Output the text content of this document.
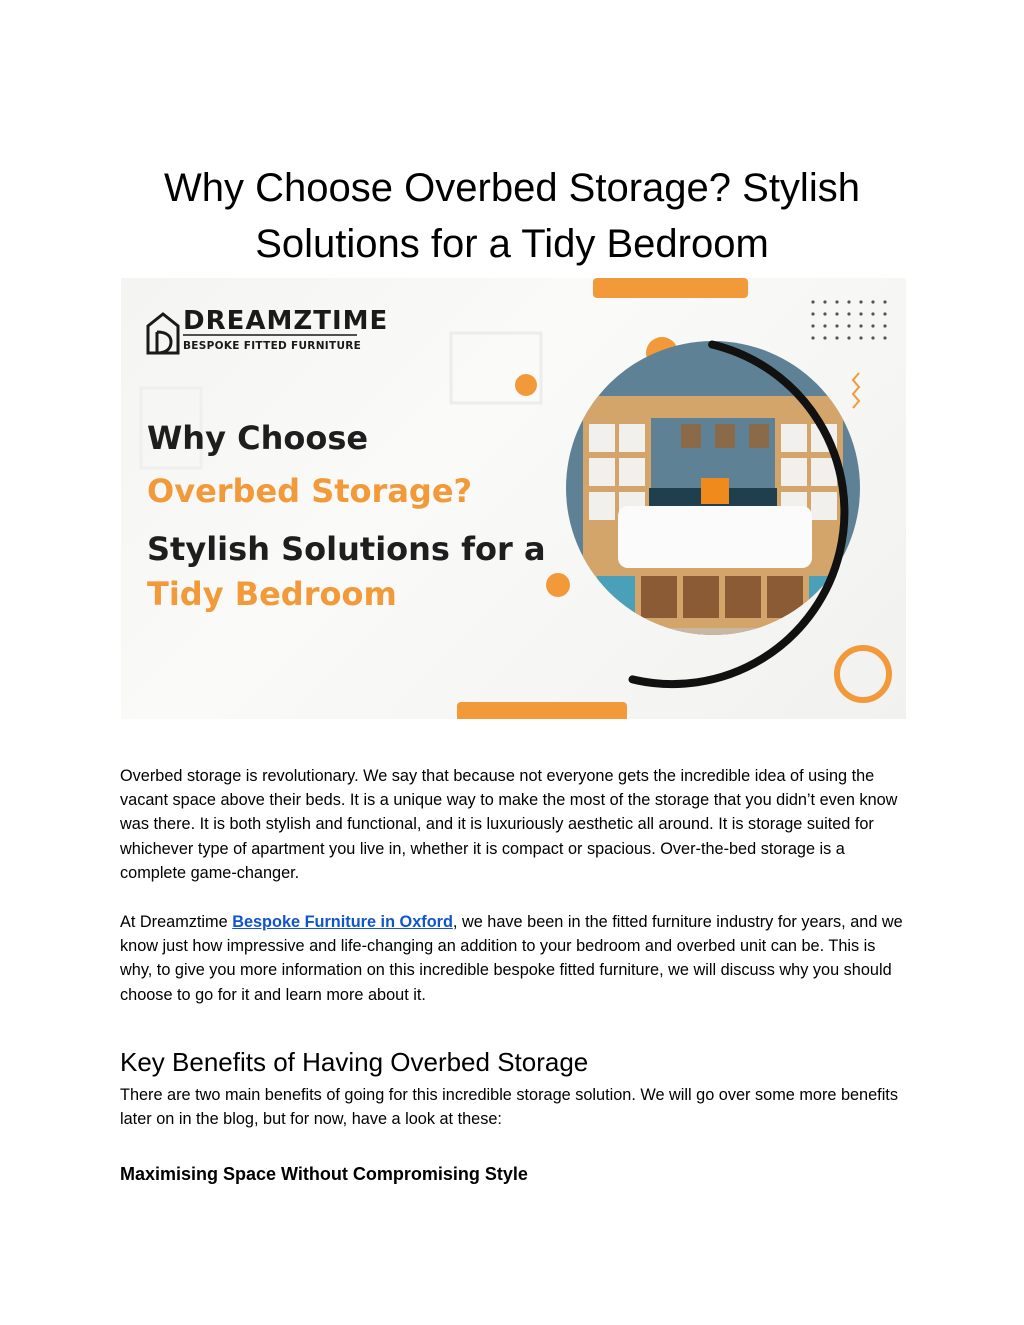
Why Choose Overbed Storage? Stylish Solutions for a Tidy Bedroom
DREAMZTIME
BESPOKE FITTED FURNITURE
Why Choose
Overbed Storage?
Stylish Solutions for a
Tidy Bedroom

Overbed storage is revolutionary. We say that because not everyone gets the incredible idea of using the vacant space above their beds. It is a unique way to make the most of the storage that you didn’t even know was there. It is both stylish and functional, and it is luxuriously aesthetic all around. It is storage suited for whichever type of apartment you live in, whether it is compact or spacious. Over-the-bed storage is a complete game-changer.

At Dreamztime Bespoke Furniture in Oxford, we have been in the fitted furniture industry for years, and we know just how impressive and life-changing an addition to your bedroom and overbed unit can be. This is why, to give you more information on this incredible bespoke fitted furniture, we will discuss why you should choose to go for it and learn more about it.

Key Benefits of Having Overbed Storage

There are two main benefits of going for this incredible storage solution. We will go over some more benefits later on in the blog, but for now, have a look at these:

Maximising Space Without Compromising Style
